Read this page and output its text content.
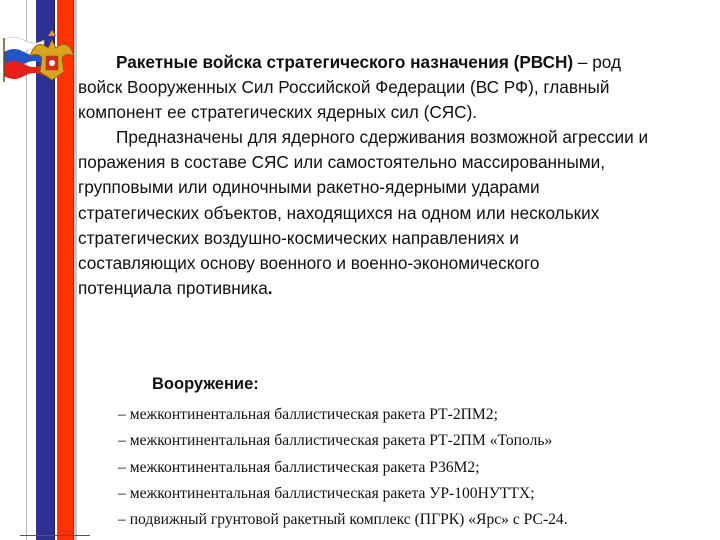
Ракетные войска стратегического назначения (РВСН) – род
войск Вооруженных Сил Российской Федерации (ВС РФ), главный
компонент ее стратегических ядерных сил (СЯС).
Предназначены для ядерного сдерживания возможной агрессии и
поражения в составе СЯС или самостоятельно массированными,
групповыми или одиночными ракетно-ядерными ударами
стратегических объектов, находящихся на одном или нескольких
стратегических воздушно-космических направлениях и
составляющих основу военного и военно-экономического
потенциала противника.
Вооружение:
– межконтинентальная баллистическая ракета РТ-2ПМ2;
– межконтинентальная баллистическая ракета РТ-2ПМ «Тополь»
– межконтинентальная баллистическая ракета Р36М2;
– межконтинентальная баллистическая ракета УР-100НУТТХ;
– подвижный грунтовой ракетный комплекс (ПГРК) «Ярс» с РС-24.
